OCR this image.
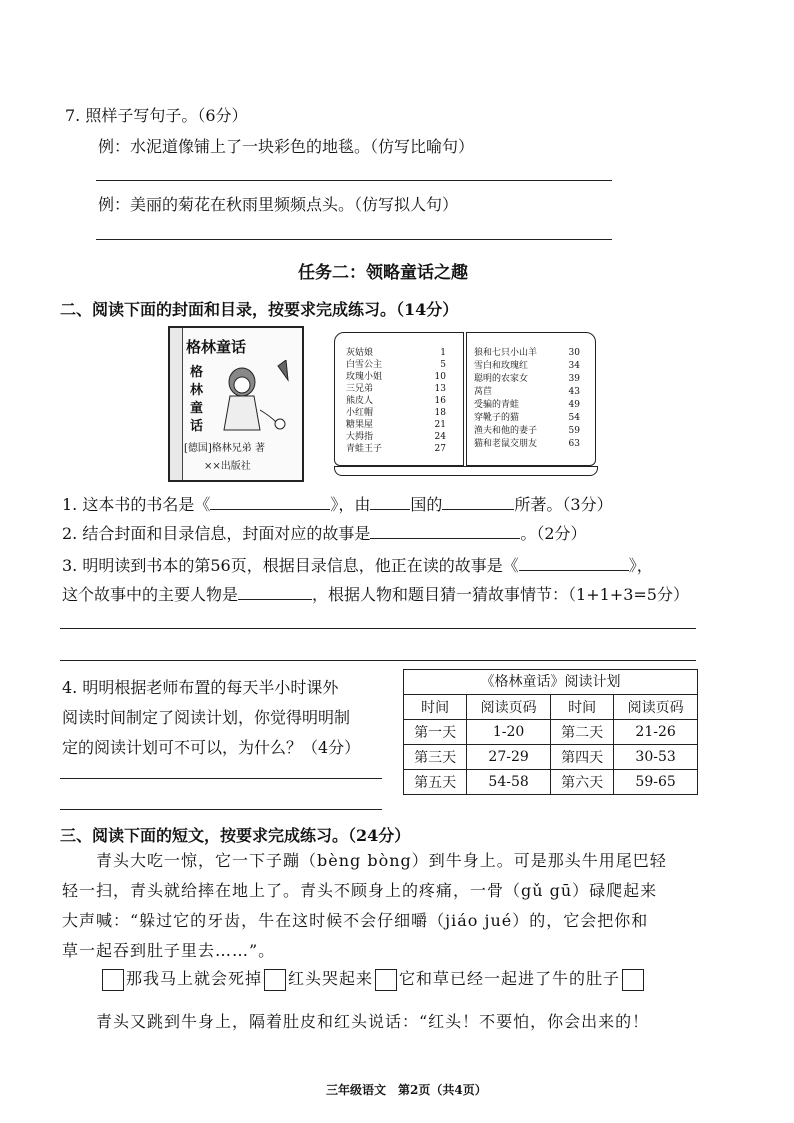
7. 照样子写句子。（6分）
例：水泥道像铺上了一块彩色的地毯。（仿写比喻句）
例：美丽的菊花在秋雨里频频点头。（仿写拟人句）
任务二：领略童话之趣
二、阅读下面的封面和目录，按要求完成练习。（14分）
格林童话
格林童话
[德国]格林兄弟 著
××出版社
灰姑娘	1
白雪公主	5
玫瑰小姐	10
三兄弟	13
熊皮人	16
小红帽	18
糖果屋	21
大拇指	24
青蛙王子	27
狼和七只小山羊	30
雪白和玫瑰红	34
聪明的农家女	39
莴苣	43
受骗的青蛙	49
穿靴子的猫	54
渔夫和他的妻子	59
猫和老鼠交朋友	63
1. 这本书的书名是《	》，由	国的	所著。（3分）
2. 结合封面和目录信息，封面对应的故事是	。（2分）
3. 明明读到书本的第56页，根据目录信息，他正在读的故事是《	》，
这个故事中的主要人物是	，根据人物和题目猜一猜故事情节：（1+1+3=5分）
4. 明明根据老师布置的每天半小时课外
阅读时间制定了阅读计划，你觉得明明制
定的阅读计划可不可以，为什么？（4分）
《格林童话》阅读计划
时间	阅读页码	时间	阅读页码
第一天	1-20	第二天	21-26
第三天	27-29	第四天	30-53
第五天	54-58	第六天	59-65
三、阅读下面的短文，按要求完成练习。（24分）
青头大吃一惊，它一下子蹦（bèng bòng）到牛身上。可是那头牛用尾巴轻
轻一扫，青头就给摔在地上了。青头不顾身上的疼痛，一骨（gǔ gū）碌爬起来
大声喊：“躲过它的牙齿，牛在这时候不会仔细嚼（jiáo jué）的，它会把你和
草一起吞到肚子里去……”。
那我马上就会死掉 红头哭起来 它和草已经一起进了牛的肚子
青头又跳到牛身上，隔着肚皮和红头说话：“红头！不要怕，你会出来的！
三年级语文　第2页（共4页）
